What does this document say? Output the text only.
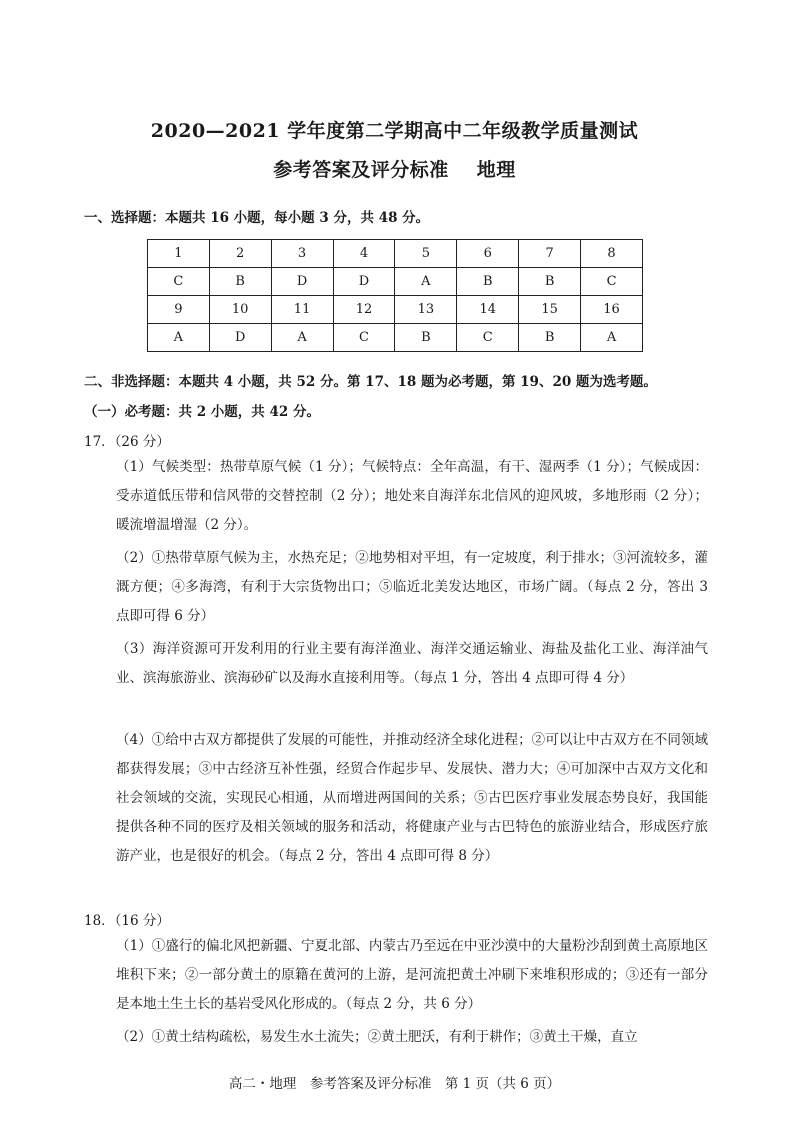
2020—2021 学年度第二学期高中二年级教学质量测试
参考答案及评分标准 地理
一、选择题：本题共 16 小题，每小题 3 分，共 48 分。
1	2	3	4	5	6	7	8
C	B	D	D	A	B	B	C
9	10	11	12	13	14	15	16
A	D	A	C	B	C	B	A
二、非选择题：本题共 4 小题，共 52 分。第 17、18 题为必考题，第 19、20 题为选考题。
（一）必考题：共 2 小题，共 42 分。
17．（26 分）
（1）气候类型：热带草原气候（1 分）；气候特点：全年高温，有干、湿两季（1 分）；气候成因：受赤道低压带和信风带的交替控制（2 分）；地处来自海洋东北信风的迎风坡，多地形雨（2 分）；暖流增温增湿（2 分）。
（2）①热带草原气候为主，水热充足；②地势相对平坦，有一定坡度，利于排水；③河流较多，灌溉方便；④多海湾，有利于大宗货物出口；⑤临近北美发达地区，市场广阔。（每点 2 分，答出 3 点即可得 6 分）
（3）海洋资源可开发利用的行业主要有海洋渔业、海洋交通运输业、海盐及盐化工业、海洋油气业、滨海旅游业、滨海砂矿以及海水直接利用等。（每点 1 分，答出 4 点即可得 4 分）
（4）①给中古双方都提供了发展的可能性，并推动经济全球化进程；②可以让中古双方在不同领域都获得发展；③中古经济互补性强，经贸合作起步早、发展快、潜力大；④可加深中古双方文化和社会领域的交流，实现民心相通，从而增进两国间的关系；⑤古巴医疗事业发展态势良好，我国能提供各种不同的医疗及相关领域的服务和活动，将健康产业与古巴特色的旅游业结合，形成医疗旅游产业，也是很好的机会。（每点 2 分，答出 4 点即可得 8 分）
18．（16 分）
（1）①盛行的偏北风把新疆、宁夏北部、内蒙古乃至远在中亚沙漠中的大量粉沙刮到黄土高原地区堆积下来；②一部分黄土的原籍在黄河的上游，是河流把黄土冲刷下来堆积形成的；③还有一部分是本地土生土长的基岩受风化形成的。（每点 2 分，共 6 分）
（2）①黄土结构疏松，易发生水土流失；②黄土肥沃，有利于耕作；③黄土干燥，直立
高二・地理　参考答案及评分标准　第 1 页（共 6 页）
